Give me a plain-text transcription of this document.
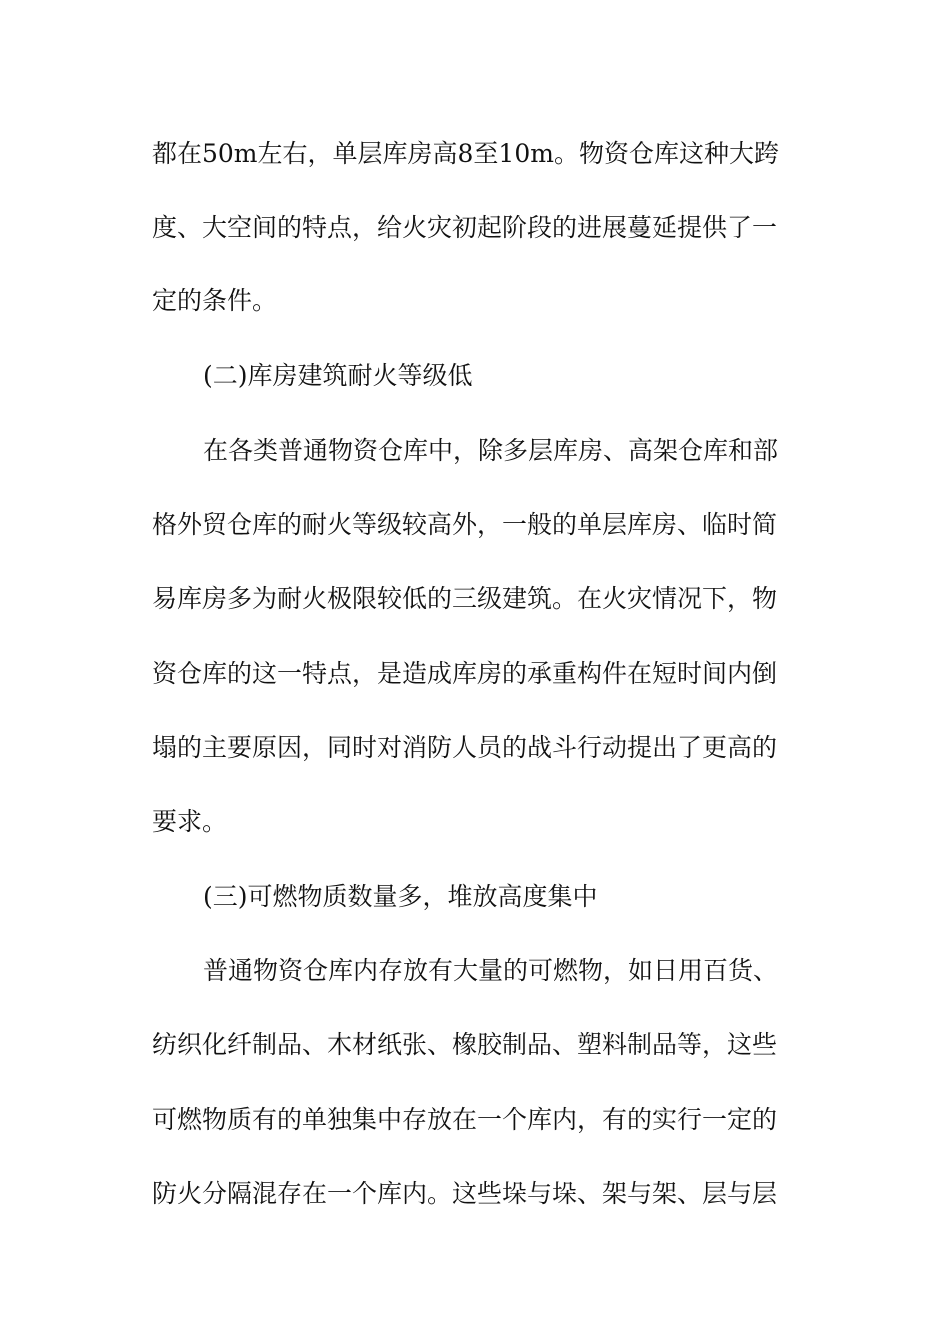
都在50m左右，单层库房高8至10m。物资仓库这种大跨
度、大空间的特点，给火灾初起阶段的进展蔓延提供了一
定的条件。
(二)库房建筑耐火等级低
在各类普通物资仓库中，除多层库房、高架仓库和部
格外贸仓库的耐火等级较高外，一般的单层库房、临时简
易库房多为耐火极限较低的三级建筑。在火灾情况下，物
资仓库的这一特点，是造成库房的承重构件在短时间内倒
塌的主要原因，同时对消防人员的战斗行动提出了更高的
要求。
(三)可燃物质数量多，堆放高度集中
普通物资仓库内存放有大量的可燃物，如日用百货、
纺织化纤制品、木材纸张、橡胶制品、塑料制品等，这些
可燃物质有的单独集中存放在一个库内，有的实行一定的
防火分隔混存在一个库内。这些垛与垛、架与架、层与层
